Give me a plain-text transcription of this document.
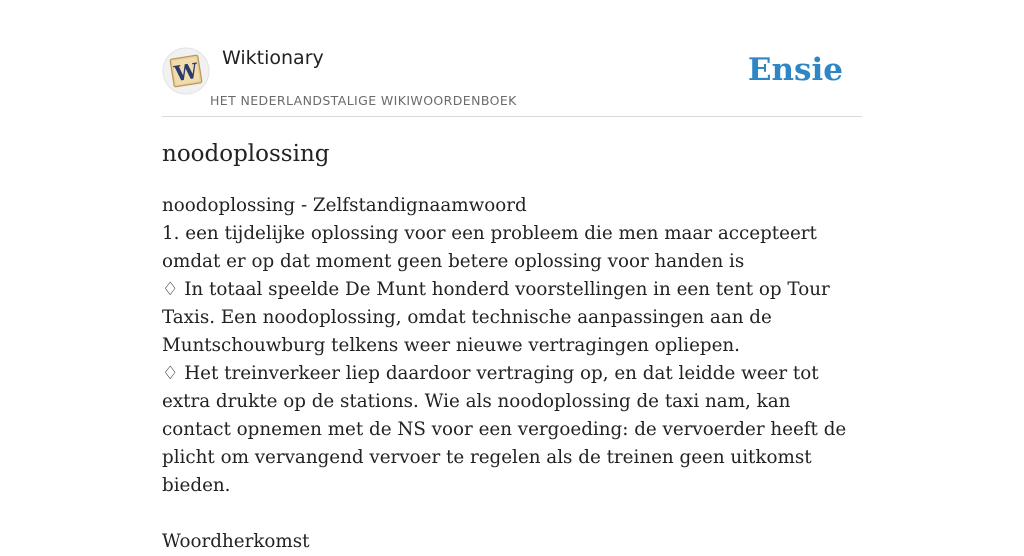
W Wiktionary
HET NEDERLANDSTALIGE WIKIWOORDENBOEK
Ensie
noodoplossing

noodoplossing - Zelfstandignaamwoord

1. een tijdelijke oplossing voor een probleem die men maar accepteert omdat er op dat moment geen betere oplossing voor handen is

♢ In totaal speelde De Munt honderd voorstellingen in een tent op Tour Taxis. Een noodoplossing, omdat technische aanpassingen aan de Muntschouwburg telkens weer nieuwe vertragingen opliepen.

♢ Het treinverkeer liep daardoor vertraging op, en dat leidde weer tot extra drukte op de stations. Wie als noodoplossing de taxi nam, kan contact opnemen met de NS voor een vergoeding: de vervoerder heeft de plicht om vervangend vervoer te regelen als de treinen geen uitkomst bieden.

Woordherkomst
